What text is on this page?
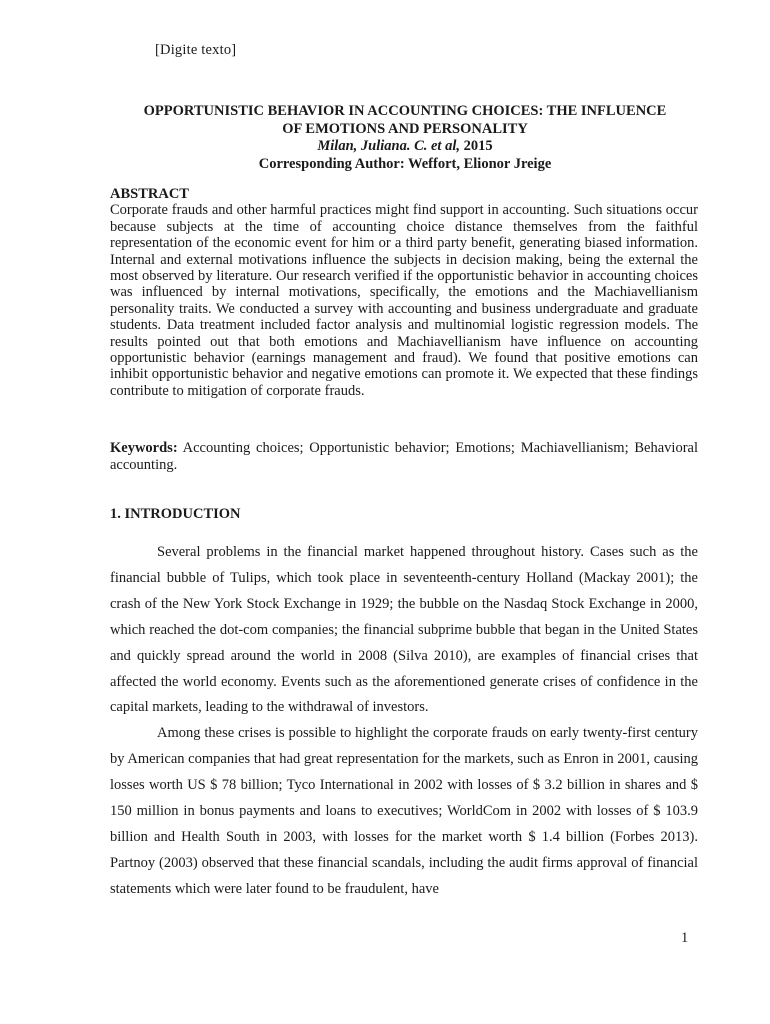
[Digite texto]
OPPORTUNISTIC BEHAVIOR IN ACCOUNTING CHOICES: THE INFLUENCE
OF EMOTIONS AND PERSONALITY
Milan, Juliana. C. et al, 2015
Corresponding Author: Weffort, Elionor Jreige
ABSTRACT

Corporate frauds and other harmful practices might find support in accounting. Such situations occur because subjects at the time of accounting choice distance themselves from the faithful representation of the economic event for him or a third party benefit, generating biased information. Internal and external motivations influence the subjects in decision making, being the external the most observed by literature. Our research verified if the opportunistic behavior in accounting choices was influenced by internal motivations, specifically, the emotions and the Machiavellianism personality traits. We conducted a survey with accounting and business undergraduate and graduate students. Data treatment included factor analysis and multinomial logistic regression models. The results pointed out that both emotions and Machiavellianism have influence on accounting opportunistic behavior (earnings management and fraud). We found that positive emotions can inhibit opportunistic behavior and negative emotions can promote it. We expected that these findings contribute to mitigation of corporate frauds.

Keywords: Accounting choices; Opportunistic behavior; Emotions; Machiavellianism; Behavioral accounting.
1. INTRODUCTION

Several problems in the financial market happened throughout history. Cases such as the financial bubble of Tulips, which took place in seventeenth-century Holland (Mackay 2001); the crash of the New York Stock Exchange in 1929; the bubble on the Nasdaq Stock Exchange in 2000, which reached the dot-com companies; the financial subprime bubble that began in the United States and quickly spread around the world in 2008 (Silva 2010), are examples of financial crises that affected the world economy. Events such as the aforementioned generate crises of confidence in the capital markets, leading to the withdrawal of investors.

Among these crises is possible to highlight the corporate frauds on early twenty-first century by American companies that had great representation for the markets, such as Enron in 2001, causing losses worth US $ 78 billion; Tyco International in 2002 with losses of $ 3.2 billion in shares and $ 150 million in bonus payments and loans to executives; WorldCom in 2002 with losses of $ 103.9 billion and Health South in 2003, with losses for the market worth $ 1.4 billion (Forbes 2013). Partnoy (2003) observed that these financial scandals, including the audit firms approval of financial statements which were later found to be fraudulent, have

1
